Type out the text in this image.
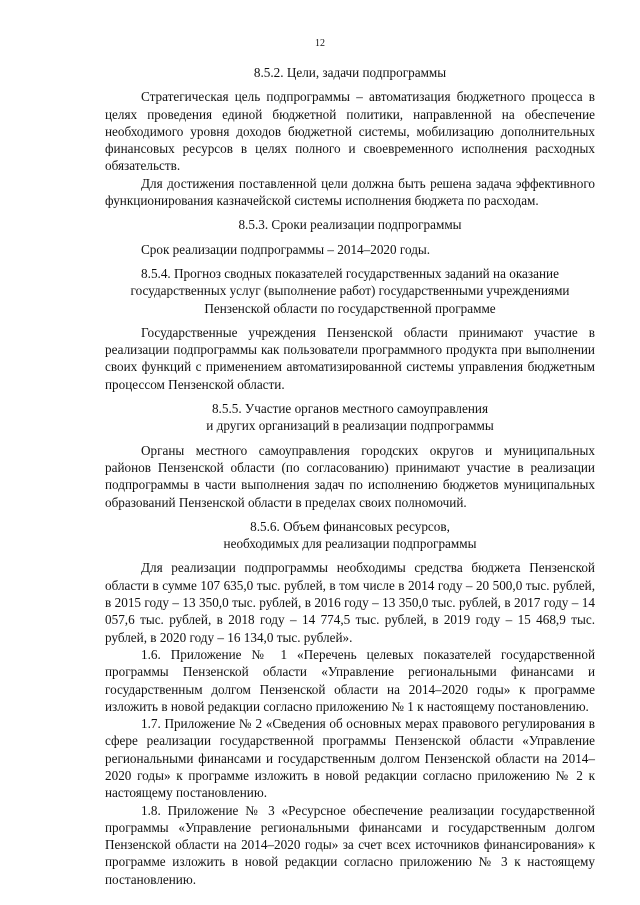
12
8.5.2. Цели, задачи подпрограммы
Стратегическая цель подпрограммы – автоматизация бюджетного процесса в целях проведения единой бюджетной политики, направленной на обеспечение необходимого уровня доходов бюджетной системы, мобилизацию дополнительных финансовых ресурсов в целях полного и своевременного исполнения расходных обязательств.
Для достижения поставленной цели должна быть решена задача эффективного функционирования казначейской системы исполнения бюджета по расходам.
8.5.3. Сроки реализации подпрограммы
Срок реализации подпрограммы – 2014–2020 годы.
8.5.4. Прогноз сводных показателей государственных заданий на оказание государственных услуг (выполнение работ) государственными учреждениями Пензенской области по государственной программе
Государственные учреждения Пензенской области принимают участие в реализации подпрограммы как пользователи программного продукта при выполнении своих функций с применением автоматизированной системы управления бюджетным процессом Пензенской области.
8.5.5. Участие органов местного самоуправления
и других организаций в реализации подпрограммы
Органы местного самоуправления городских округов и муниципальных районов Пензенской области (по согласованию) принимают участие в реализации подпрограммы в части выполнения задач по исполнению бюджетов муниципальных образований Пензенской области в пределах своих полномочий.
8.5.6. Объем финансовых ресурсов,
необходимых для реализации подпрограммы
Для реализации подпрограммы необходимы средства бюджета Пензенской области в сумме 107 635,0 тыс. рублей, в том числе в 2014 году – 20 500,0 тыс. рублей, в 2015 году – 13 350,0 тыс. рублей, в 2016 году – 13 350,0 тыс. рублей, в 2017 году – 14 057,6 тыс. рублей, в 2018 году – 14 774,5 тыс. рублей, в 2019 году – 15 468,9 тыс. рублей, в 2020 году – 16 134,0 тыс. рублей».
1.6. Приложение № 1 «Перечень целевых показателей государственной программы Пензенской области «Управление региональными финансами и государственным долгом Пензенской области на 2014–2020 годы» к программе изложить в новой редакции согласно приложению № 1 к настоящему постановлению.
1.7. Приложение № 2 «Сведения об основных мерах правового регулирования в сфере реализации государственной программы Пензенской области «Управление региональными финансами и государственным долгом Пензенской области на 2014–2020 годы» к программе изложить в новой редакции согласно приложению № 2 к настоящему постановлению.
1.8. Приложение № 3 «Ресурсное обеспечение реализации государственной программы «Управление региональными финансами и государственным долгом Пензенской области на 2014–2020 годы» за счет всех источников финансирования» к программе изложить в новой редакции согласно приложению № 3 к настоящему постановлению.
